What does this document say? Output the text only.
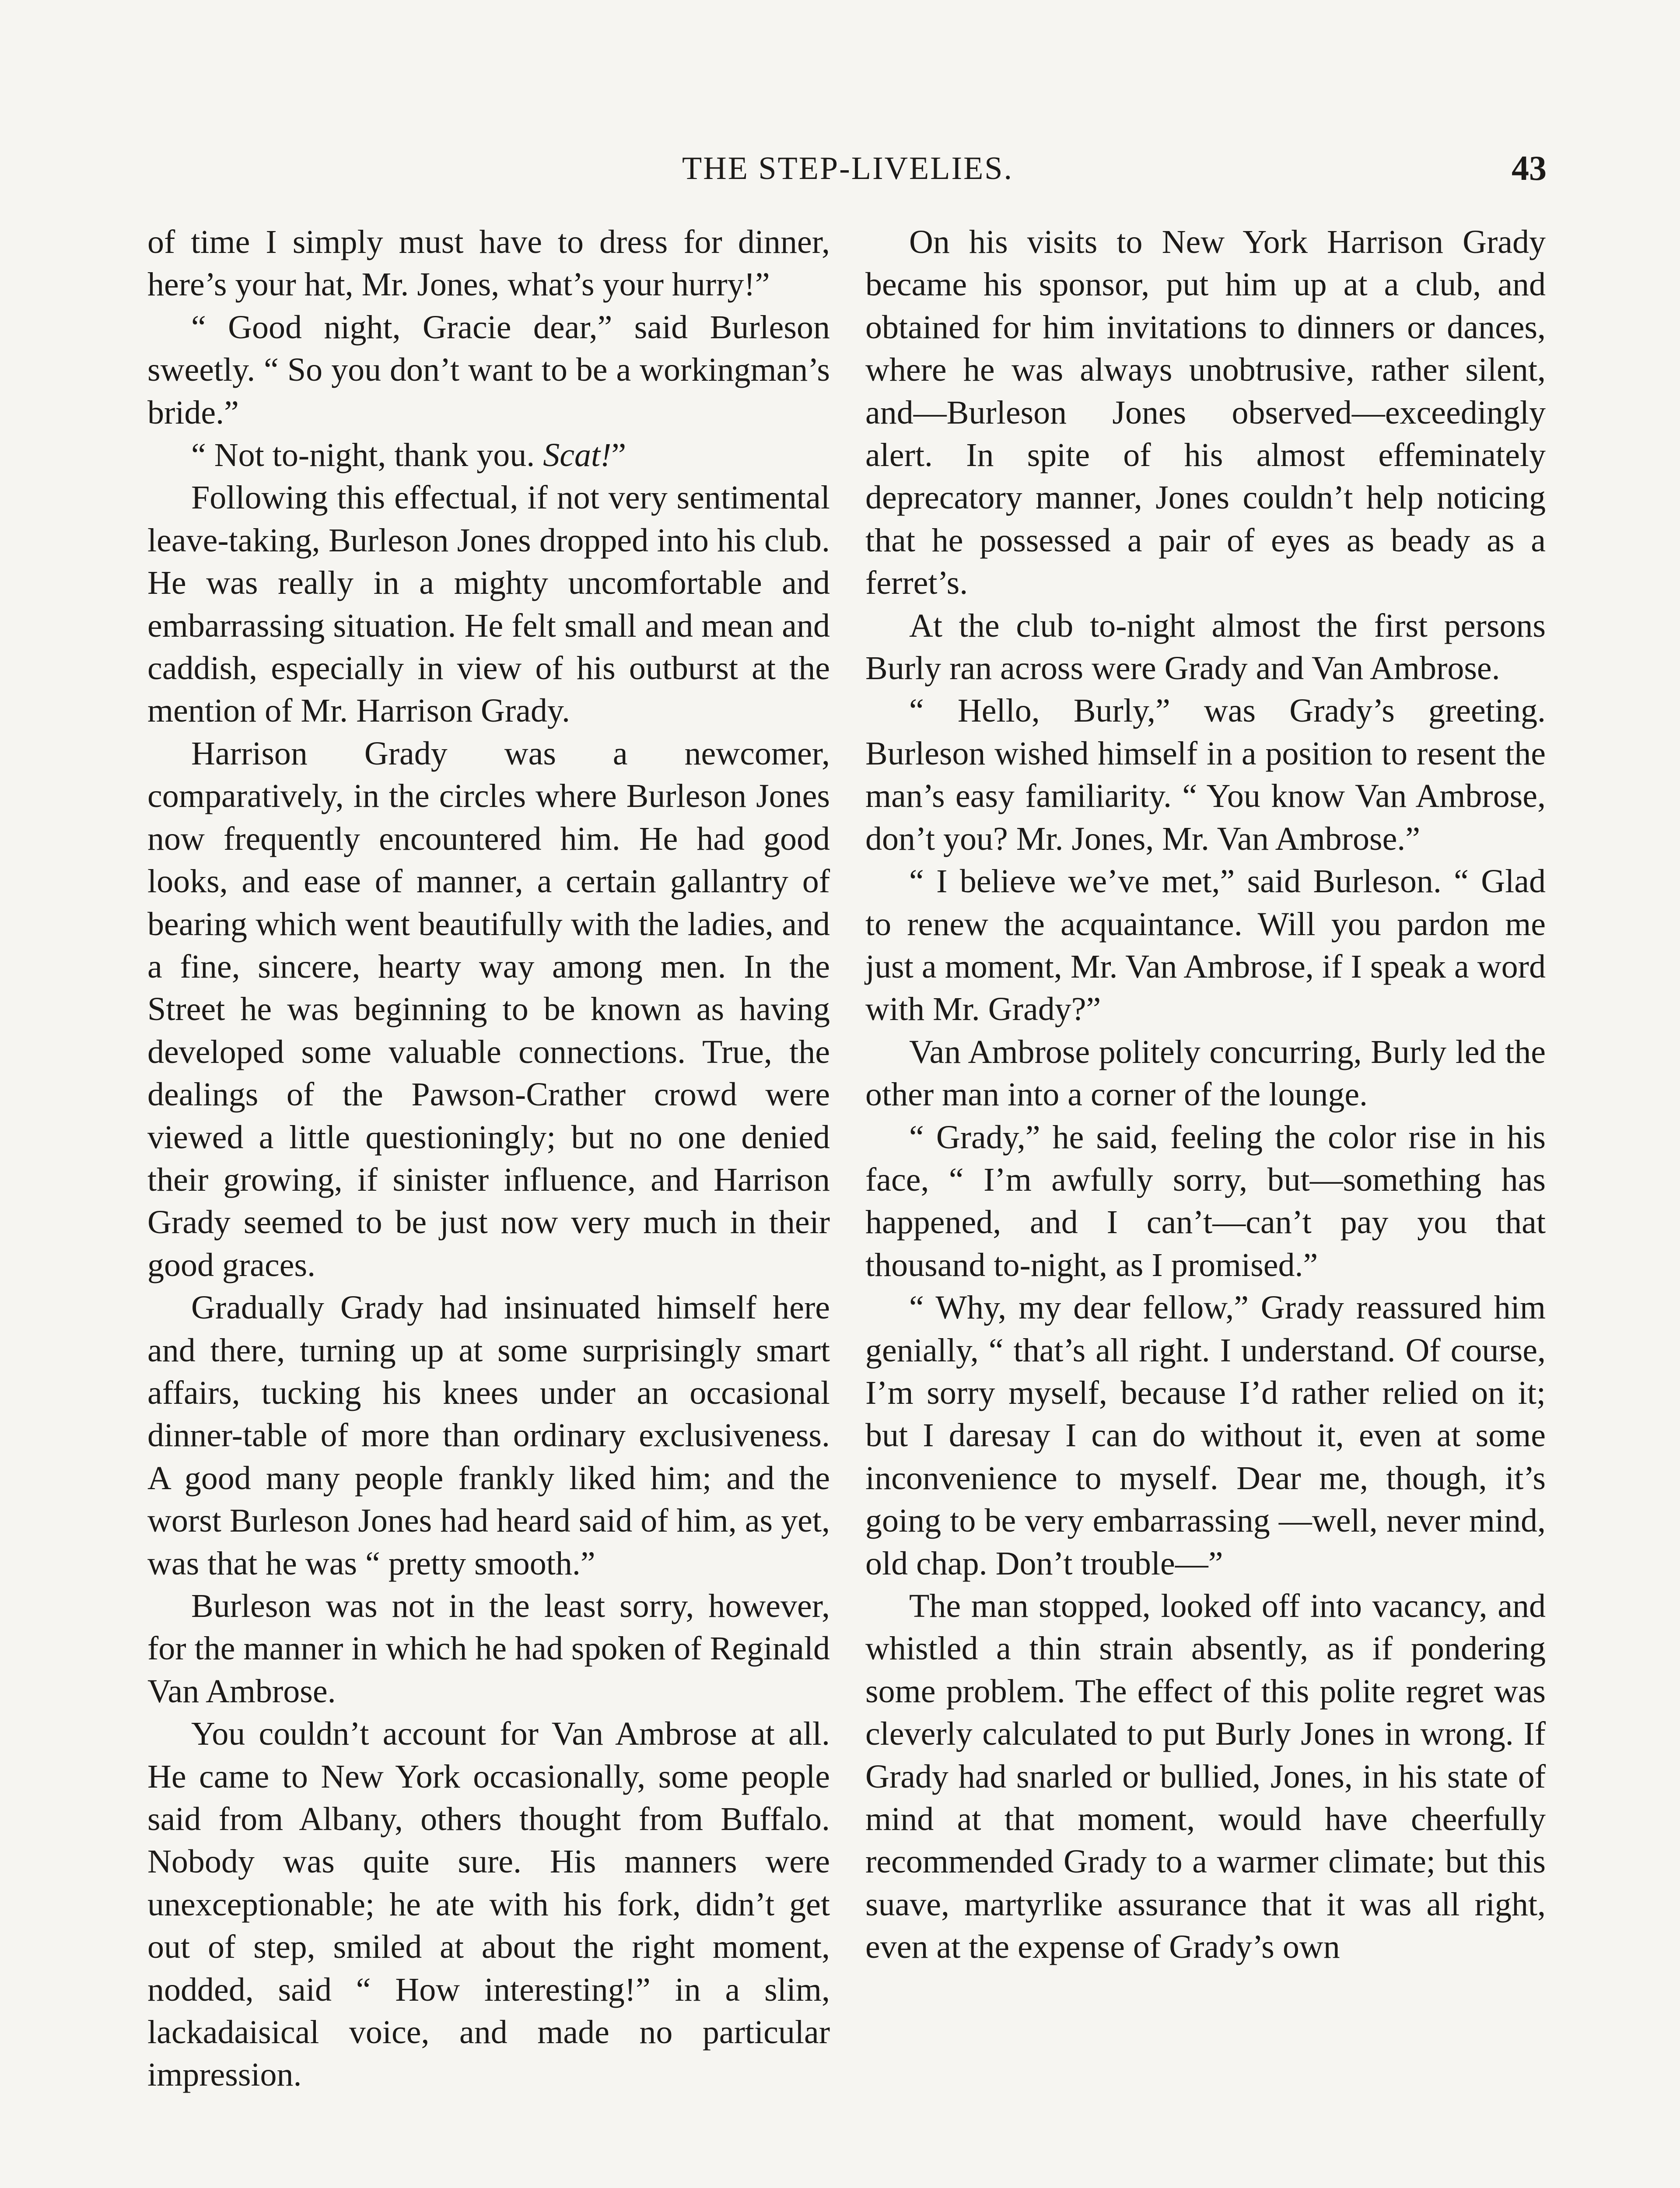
THE STEP-LIVELIES.	43

of time I simply must have to dress for dinner, here’s your hat, Mr. Jones, what’s your hurry!”

“ Good night, Gracie dear,” said Burleson sweetly. “ So you don’t want to be a workingman’s bride.”

“ Not to-night, thank you. Scat!”

Following this effectual, if not very sentimental leave-taking, Burleson Jones dropped into his club. He was really in a mighty uncomfortable and embarrassing situation. He felt small and mean and caddish, especially in view of his outburst at the mention of Mr. Harrison Grady.

Harrison Grady was a newcomer, comparatively, in the circles where Burleson Jones now frequently encountered him. He had good looks, and ease of manner, a certain gallantry of bearing which went beautifully with the ladies, and a fine, sincere, hearty way among men. In the Street he was beginning to be known as having developed some valuable connections. True, the dealings of the Pawson-Crather crowd were viewed a little questioningly; but no one denied their growing, if sinister influence, and Harrison Grady seemed to be just now very much in their good graces.

Gradually Grady had insinuated himself here and there, turning up at some surprisingly smart affairs, tucking his knees under an occasional dinner-table of more than ordinary exclusiveness. A good many people frankly liked him; and the worst Burleson Jones had heard said of him, as yet, was that he was “ pretty smooth.”

Burleson was not in the least sorry, however, for the manner in which he had spoken of Reginald Van Ambrose.

You couldn’t account for Van Ambrose at all. He came to New York occasionally, some people said from Albany, others thought from Buffalo. Nobody was quite sure. His manners were unexceptionable; he ate with his fork, didn’t get out of step, smiled at about the right moment, nodded, said “ How interesting!” in a slim, lackadaisical voice, and made no particular impression.

On his visits to New York Harrison Grady became his sponsor, put him up at a club, and obtained for him invitations to dinners or dances, where he was always unobtrusive, rather silent, and—Burleson Jones observed—exceedingly alert. In spite of his almost effeminately deprecatory manner, Jones couldn’t help noticing that he possessed a pair of eyes as beady as a ferret’s.

At the club to-night almost the first persons Burly ran across were Grady and Van Ambrose.

“ Hello, Burly,” was Grady’s greeting. Burleson wished himself in a position to resent the man’s easy familiarity. “ You know Van Ambrose, don’t you? Mr. Jones, Mr. Van Ambrose.”

“ I believe we’ve met,” said Burleson. “ Glad to renew the acquaintance. Will you pardon me just a moment, Mr. Van Ambrose, if I speak a word with Mr. Grady?”

Van Ambrose politely concurring, Burly led the other man into a corner of the lounge.

“ Grady,” he said, feeling the color rise in his face, “ I’m awfully sorry, but—something has happened, and I can’t—can’t pay you that thousand to-night, as I promised.”

“ Why, my dear fellow,” Grady reassured him genially, “ that’s all right. I understand. Of course, I’m sorry myself, because I’d rather relied on it; but I daresay I can do without it, even at some inconvenience to myself. Dear me, though, it’s going to be very embarrassing —well, never mind, old chap. Don’t trouble—”

The man stopped, looked off into vacancy, and whistled a thin strain absently, as if pondering some problem. The effect of this polite regret was cleverly calculated to put Burly Jones in wrong. If Grady had snarled or bullied, Jones, in his state of mind at that moment, would have cheerfully recommended Grady to a warmer climate; but this suave, martyrlike assurance that it was all right, even at the expense of Grady’s own
